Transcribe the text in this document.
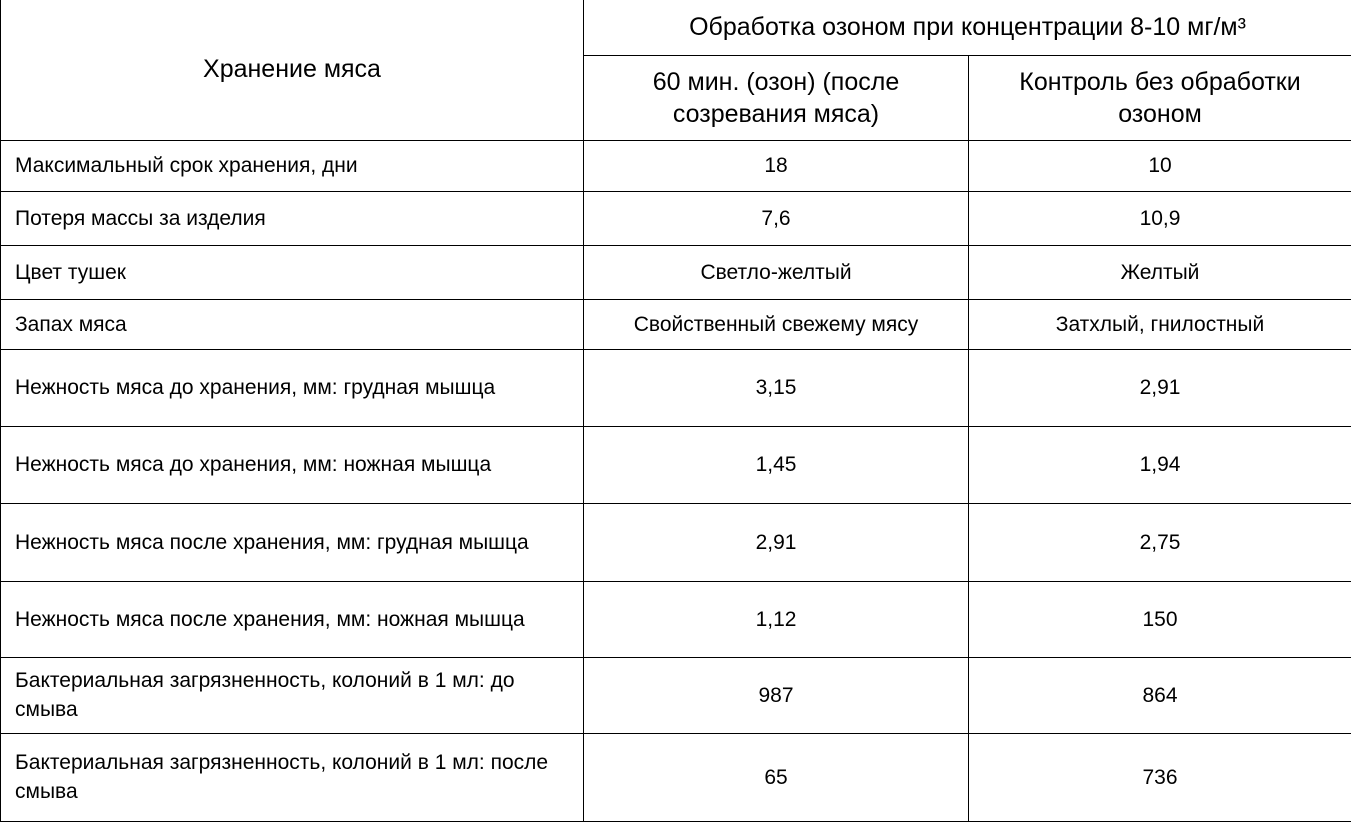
Хранение мяса	Обработка озоном при концентрации 8-10 мг/м³	
	60 мин. (озон) (после созревания мяса)	Контроль без обработки озоном
Максимальный срок хранения, дни	18	10
Потеря массы за изделия	7,6	10,9
Цвет тушек	Светло-желтый	Желтый
Запах мяса	Свойственный свежему мясу	Затхлый, гнилостный
Нежность мяса до хранения, мм: грудная мышца	3,15	2,91
Нежность мяса до хранения, мм: ножная мышца	1,45	1,94
Нежность мяса после хранения, мм: грудная мышца	2,91	2,75
Нежность мяса после хранения, мм: ножная мышца	1,12	150
Бактериальная загрязненность, колоний в 1 мл: до смыва	987	864
Бактериальная загрязненность, колоний в 1 мл: после смыва	65	736
